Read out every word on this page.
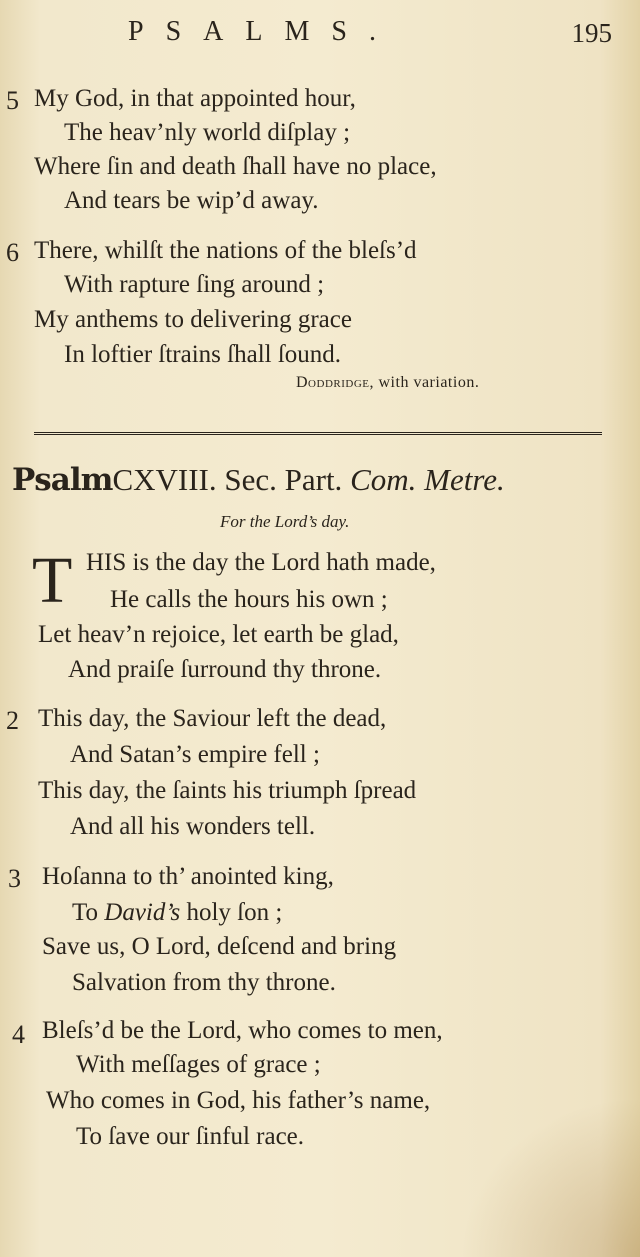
PSALMS.	195
5 My God, in that appointed hour,
The heav’nly world diſplay ;
Where ſin and death ſhall have no place,
And tears be wip’d away.
6 There, whilſt the nations of the bleſs’d
With rapture ſing around ;
My anthems to delivering grace
In loftier ſtrains ſhall ſound.
Doddridge, with variation.
PsalmCXVIII. Sec. Part. Com. Metre.
For the Lord’s day.
T HIS is the day the Lord hath made,
He calls the hours his own ;
Let heav’n rejoice, let earth be glad,
And praiſe ſurround thy throne.
2 This day, the Saviour left the dead,
And Satan’s empire fell ;
This day, the ſaints his triumph ſpread
And all his wonders tell.
3 Hoſanna to th’ anointed king,
To David’s holy ſon ;
Save us, O Lord, deſcend and bring
Salvation from thy throne.
4 Bleſs’d be the Lord, who comes to men,
With meſſages of grace ;
Who comes in God, his father’s name,
To ſave our ſinful race.
